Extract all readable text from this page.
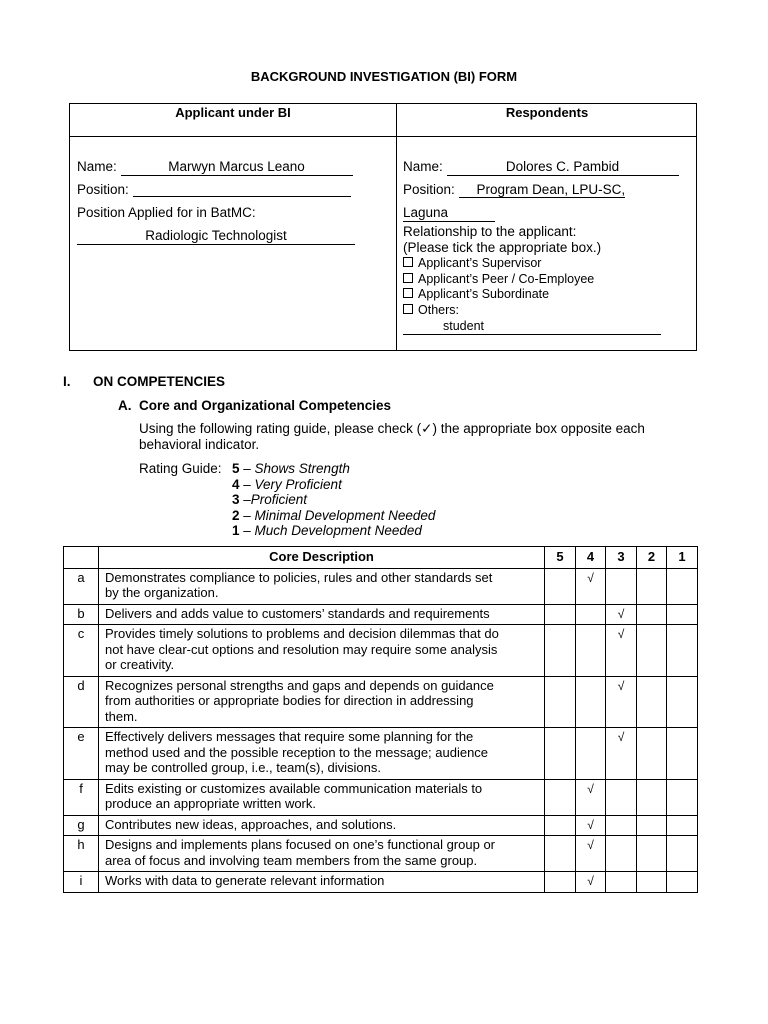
BACKGROUND INVESTIGATION (BI) FORM
Applicant under BI	Respondents
Name:	Marwyn Marcus Leano
Position:
Position Applied for in BatMC:
Radiologic Technologist
Name:	Dolores C. Pambid
Position: Program Dean, LPU-SC,
Laguna
Relationship to the applicant:
(Please tick the appropriate box.)
Applicant’s Supervisor
Applicant’s Peer / Co-Employee
Applicant’s Subordinate
Others:
student
I. ON COMPETENCIES
A. Core and Organizational Competencies
Using the following rating guide, please check (✓) the appropriate box opposite each
behavioral indicator.
Rating Guide: 5 – Shows Strength
4 – Very Proficient
3 –Proficient
2 – Minimal Development Needed
1 – Much Development Needed
	Core Description	5	4	3	2	1
a	Demonstrates compliance to policies, rules and other standards set
by the organization.		√			
b	Delivers and adds value to customers’ standards and requirements			√		
c	Provides timely solutions to problems and decision dilemmas that do
not have clear-cut options and resolution may require some analysis
or creativity.			√		
d	Recognizes personal strengths and gaps and depends on guidance
from authorities or appropriate bodies for direction in addressing
them.			√		
e	Effectively delivers messages that require some planning for the
method used and the possible reception to the message; audience
may be controlled group, i.e., team(s), divisions.			√		
f	Edits existing or customizes available communication materials to
produce an appropriate written work.		√			
g	Contributes new ideas, approaches, and solutions.		√			
h	Designs and implements plans focused on one’s functional group or
area of focus and involving team members from the same group.		√			
i	Works with data to generate relevant information		√			
